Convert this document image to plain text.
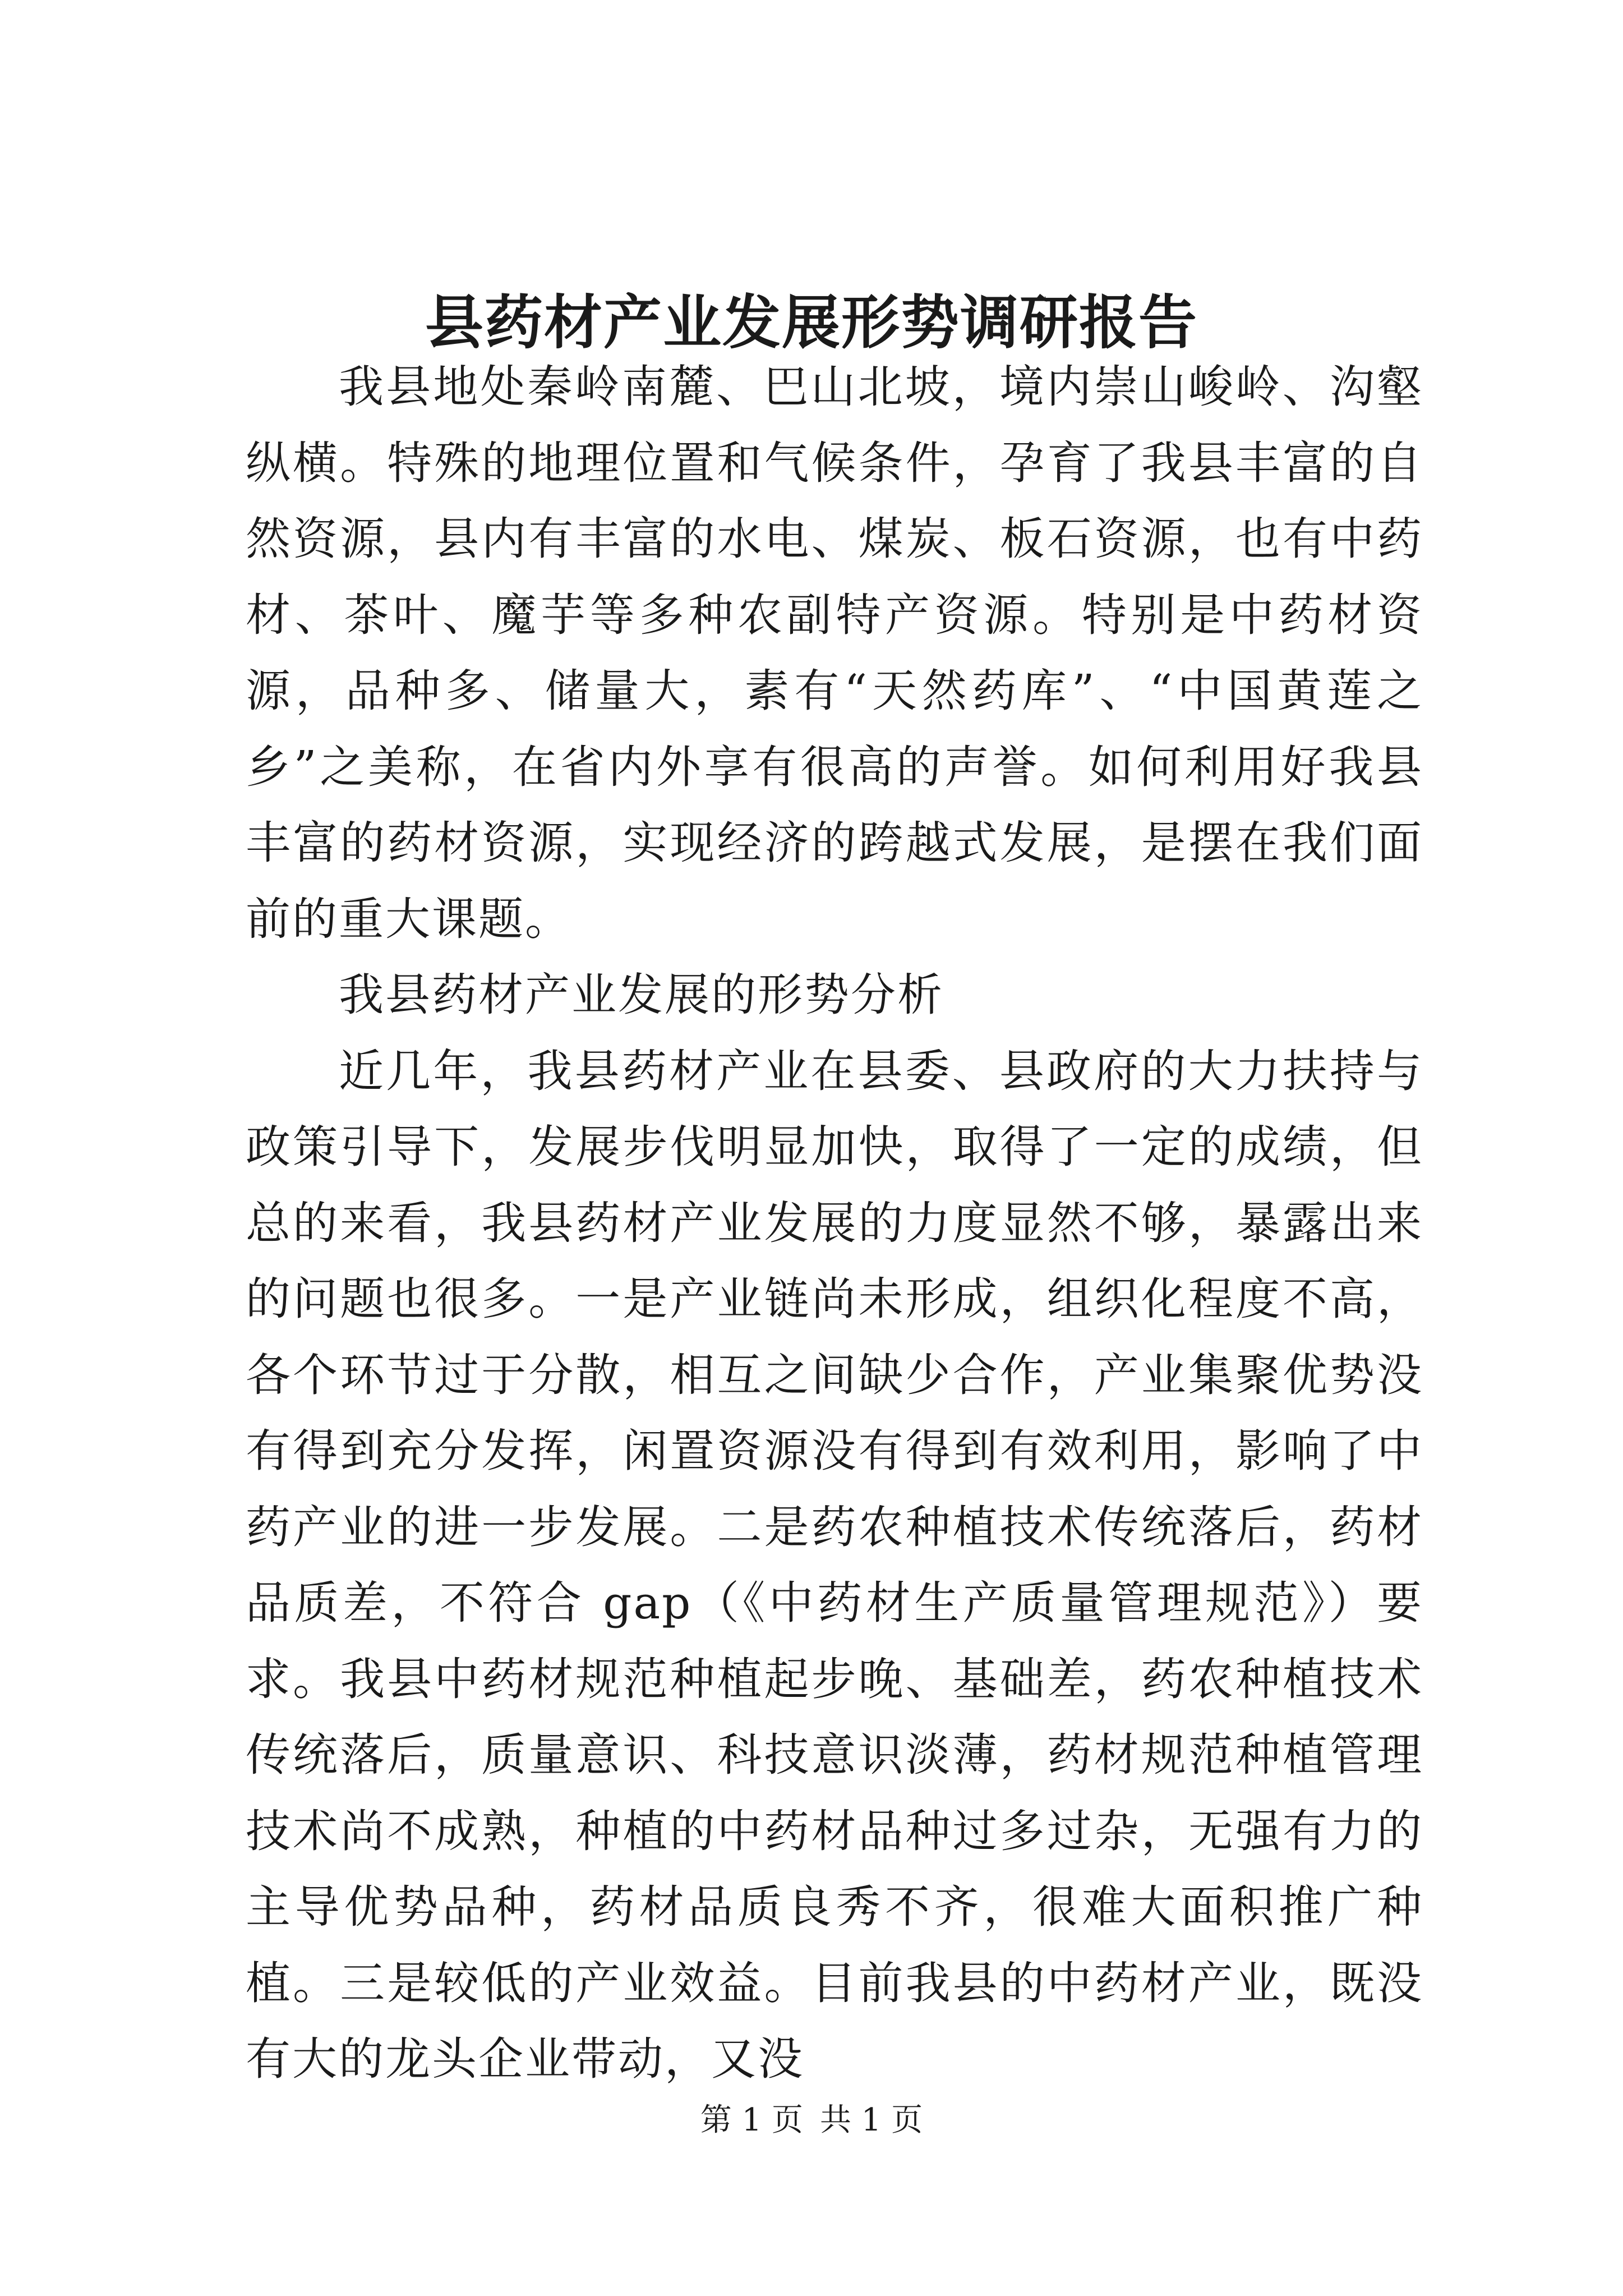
县药材产业发展形势调研报告

我县地处秦岭南麓、巴山北坡，境内崇山峻岭、沟壑纵横。特殊的地理位置和气候条件，孕育了我县丰富的自然资源，县内有丰富的水电、煤炭、板石资源，也有中药材、茶叶、魔芋等多种农副特产资源。特别是中药材资源，品种多、储量大，素有“天然药库”、“中国黄莲之乡”之美称，在省内外享有很高的声誉。如何利用好我县丰富的药材资源，实现经济的跨越式发展，是摆在我们面前的重大课题。

我县药材产业发展的形势分析

近几年，我县药材产业在县委、县政府的大力扶持与政策引导下，发展步伐明显加快，取得了一定的成绩，但总的来看，我县药材产业发展的力度显然不够，暴露出来的问题也很多。一是产业链尚未形成，组织化程度不高，各个环节过于分散，相互之间缺少合作，产业集聚优势没有得到充分发挥，闲置资源没有得到有效利用，影响了中药产业的进一步发展。二是药农种植技术传统落后，药材品质差，不符合 gap（《中药材生产质量管理规范》）要求。我县中药材规范种植起步晚、基础差，药农种植技术传统落后，质量意识、科技意识淡薄，药材规范种植管理技术尚不成熟，种植的中药材品种过多过杂，无强有力的主导优势品种，药材品质良秀不齐，很难大面积推广种植。三是较低的产业效益。目前我县的中药材产业，既没有大的龙头企业带动，又没

第 1 页 共 1 页
